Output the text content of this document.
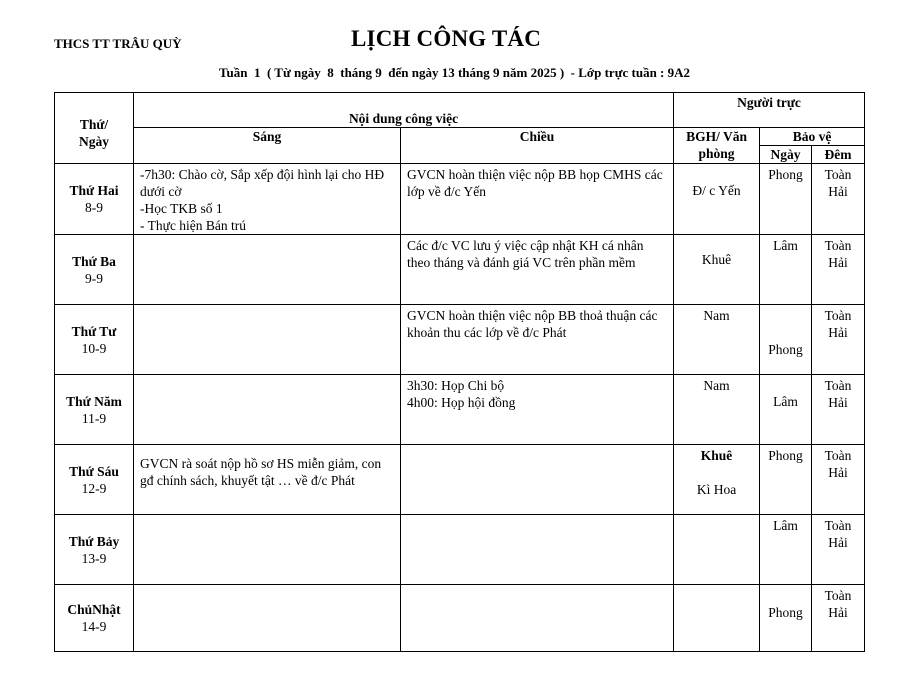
THCS TT TRÂU QUỲ	LỊCH CÔNG TÁC
Tuần  1  ( Từ ngày  8  tháng 9  đến ngày 13 tháng 9 năm 2025 )  - Lớp trực tuần : 9A2
Thứ/
Ngày	Nội dung công việc		Người trực		
	Sáng	Chiều	BGH/ Văn phòng	Bảo vệ	
				Ngày	Đêm

Thứ Hai
8-9	-7h30: Chào cờ, Sắp xếp đội hình lại cho HĐ dưới cờ
-Học TKB số 1
- Thực hiện Bán trú	GVCN hoàn thiện việc nộp BB họp CMHS các lớp về đ/c Yến	Đ/ c Yến	Phong	Toàn
Hải

Thứ Ba
9-9		Các đ/c VC lưu ý việc cập nhật KH cá nhân theo tháng và đánh giá VC trên phần mềm	Khuê	Lâm	Toàn
Hải

Thứ Tư
10-9		GVCN hoàn thiện việc nộp BB thoả thuận các khoản thu các lớp về đ/c Phát	Nam	Phong	Toàn
Hải

Thứ Năm
11-9		3h30: Họp Chi bộ
4h00: Họp hội đồng	Nam	Lâm	Toàn
Hải

Thứ Sáu
12-9	GVCN rà soát nộp hồ sơ HS miễn giảm, con gđ chính sách, khuyết tật … về đ/c Phát		Khuê
Kì Hoa	Phong	Toàn
Hải

Thứ Bảy
13-9				Lâm	Toàn
Hải

ChủNhật
14-9				Phong	Toàn
Hải
